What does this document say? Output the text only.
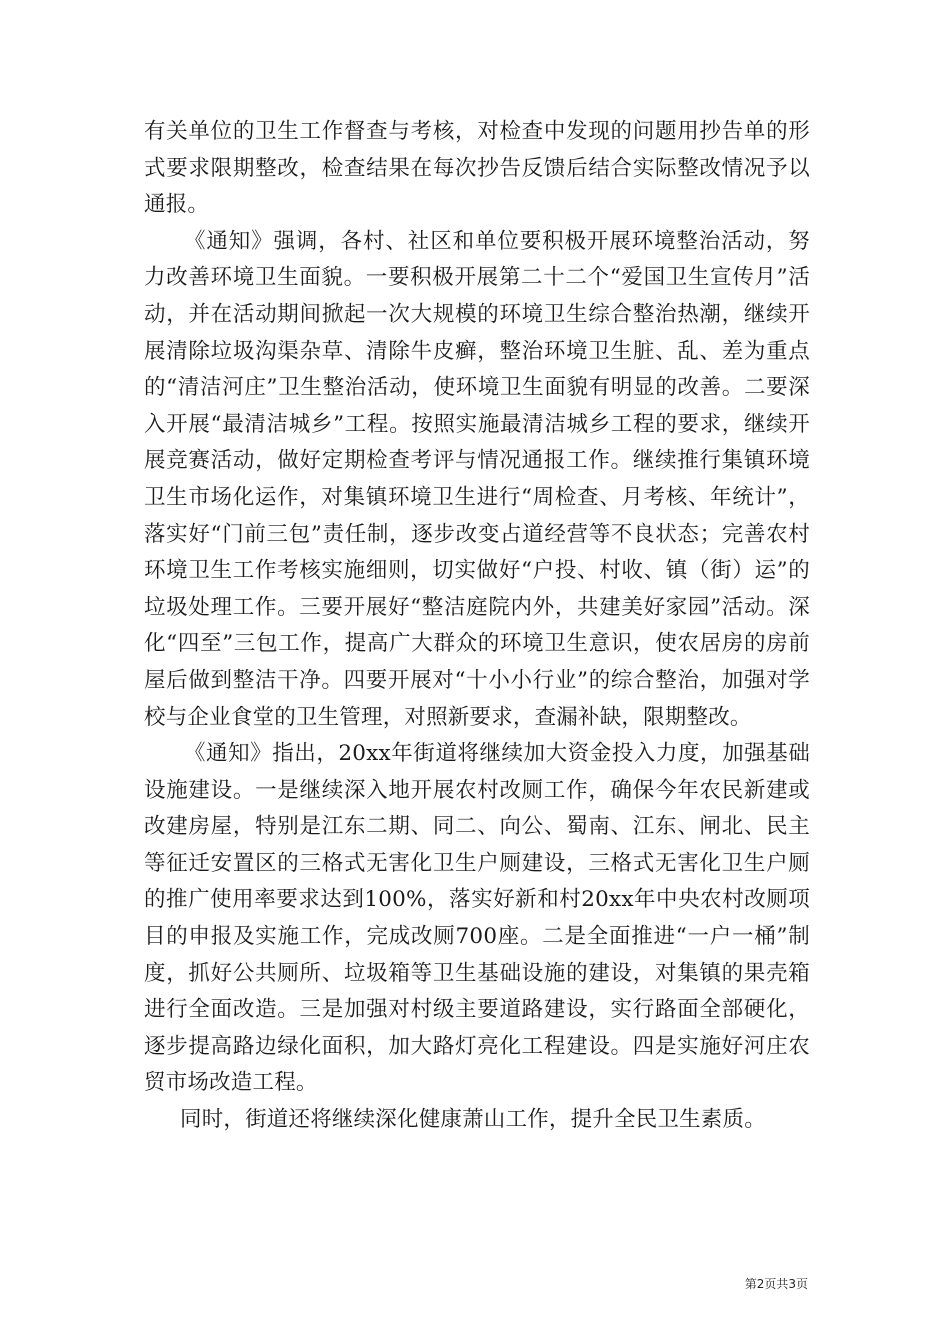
有关单位的卫生工作督查与考核，对检查中发现的问题用抄告单的形式要求限期整改，检查结果在每次抄告反馈后结合实际整改情况予以通报。

《通知》强调，各村、社区和单位要积极开展环境整治活动，努力改善环境卫生面貌。一要积极开展第二十二个“爱国卫生宣传月”活动，并在活动期间掀起一次大规模的环境卫生综合整治热潮，继续开展清除垃圾沟渠杂草、清除牛皮癣，整治环境卫生脏、乱、差为重点的“清洁河庄”卫生整治活动，使环境卫生面貌有明显的改善。二要深入开展“最清洁城乡”工程。按照实施最清洁城乡工程的要求，继续开展竞赛活动，做好定期检查考评与情况通报工作。继续推行集镇环境卫生市场化运作，对集镇环境卫生进行“周检查、月考核、年统计”，落实好“门前三包”责任制，逐步改变占道经营等不良状态；完善农村环境卫生工作考核实施细则，切实做好“户投、村收、镇（街）运”的垃圾处理工作。三要开展好“整洁庭院内外，共建美好家园”活动。深化“四至”三包工作，提高广大群众的环境卫生意识，使农居房的房前屋后做到整洁干净。四要开展对“十小小行业”的综合整治，加强对学校与企业食堂的卫生管理，对照新要求，查漏补缺，限期整改。

《通知》指出，20xx年街道将继续加大资金投入力度，加强基础设施建设。一是继续深入地开展农村改厕工作，确保今年农民新建或改建房屋，特别是江东二期、同二、向公、蜀南、江东、闸北、民主等征迁安置区的三格式无害化卫生户厕建设，三格式无害化卫生户厕的推广使用率要求达到100%，落实好新和村20xx年中央农村改厕项目的申报及实施工作，完成改厕700座。二是全面推进“一户一桶”制度，抓好公共厕所、垃圾箱等卫生基础设施的建设，对集镇的果壳箱进行全面改造。三是加强对村级主要道路建设，实行路面全部硬化，逐步提高路边绿化面积，加大路灯亮化工程建设。四是实施好河庄农贸市场改造工程。

同时，街道还将继续深化健康萧山工作，提升全民卫生素质。

第2页共3页
